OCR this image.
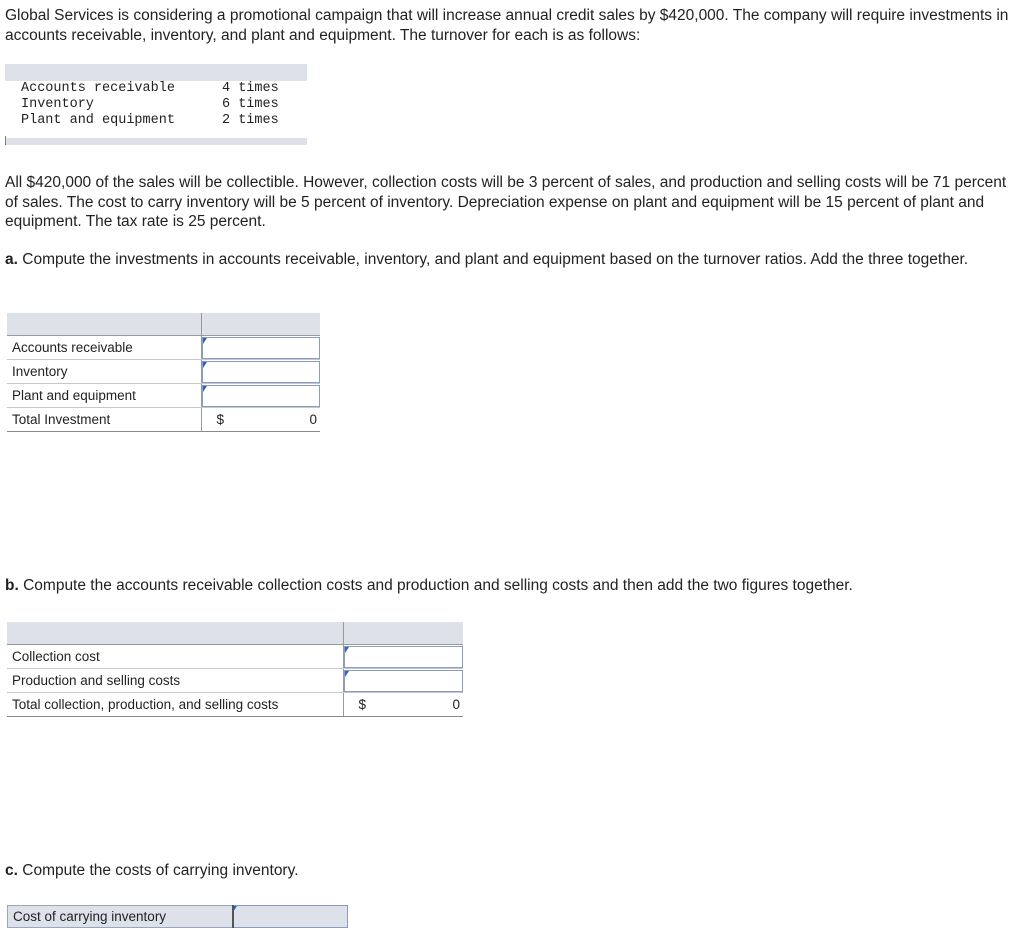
Global Services is considering a promotional campaign that will increase annual credit sales by $420,000. The company will require investments in accounts receivable, inventory, and plant and equipment. The turnover for each is as follows:
Accounts receivable	4 times
Inventory	6 times
Plant and equipment	2 times
All $420,000 of the sales will be collectible. However, collection costs will be 3 percent of sales, and production and selling costs will be 71 percent of sales. The cost to carry inventory will be 5 percent of inventory. Depreciation expense on plant and equipment will be 15 percent of plant and equipment. The tax rate is 25 percent.
a. Compute the investments in accounts receivable, inventory, and plant and equipment based on the turnover ratios. Add the three together.

Accounts receivable	

Inventory	

Plant and equipment	

Total Investment	$ 0
b. Compute the accounts receivable collection costs and production and selling costs and then add the two figures together.

Collection cost	

Production and selling costs	

Total collection, production, and selling costs	$ 0
c. Compute the costs of carrying inventory.
Cost of carrying inventory
